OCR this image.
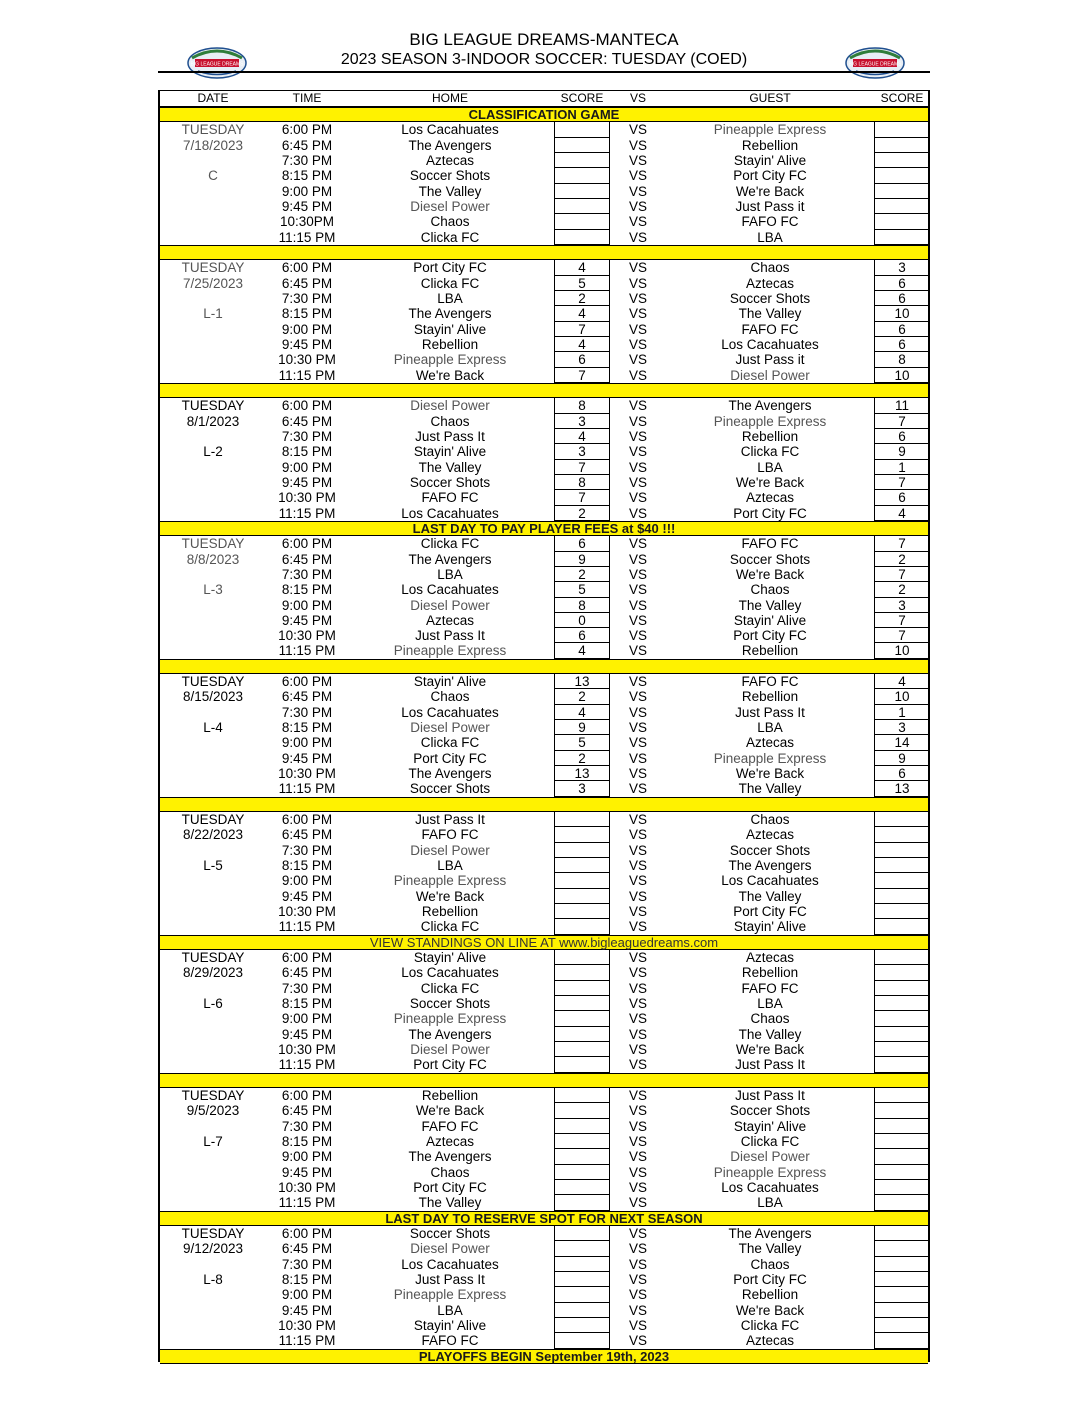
BIG LEAGUE DREAMS-MANTECA
2023 SEASON 3-INDOOR SOCCER: TUESDAY (COED)
BIG LEAGUE DREAMS	BIG LEAGUE DREAMS
DATE	TIME	HOME	SCORE	VS	GUEST	SCORE
CLASSIFICATION GAME
TUESDAY	6:00 PM	Los Cacahuates	VS	Pineapple Express
7/18/2023	6:45 PM	The Avengers	VS	Rebellion
7:30 PM	Aztecas	VS	Stayin' Alive
C	8:15 PM	Soccer Shots	VS	Port City FC
9:00 PM	The Valley	VS	We're Back
9:45 PM	Diesel Power	VS	Just Pass it
10:30PM	Chaos	VS	FAFO FC
11:15 PM	Clicka FC	VS	LBA
TUESDAY	6:00 PM	Port City FC	4	VS	Chaos	3
7/25/2023	6:45 PM	Clicka FC	5	VS	Aztecas	6
7:30 PM	LBA	2	VS	Soccer Shots	6
L-1	8:15 PM	The Avengers	4	VS	The Valley	10
9:00 PM	Stayin' Alive	7	VS	FAFO FC	6
9:45 PM	Rebellion	4	VS	Los Cacahuates	6
10:30 PM	Pineapple Express	6	VS	Just Pass it	8
11:15 PM	We're Back	7	VS	Diesel Power	10
TUESDAY	6:00 PM	Diesel Power	8	VS	The Avengers	11
8/1/2023	6:45 PM	Chaos	3	VS	Pineapple Express	7
7:30 PM	Just Pass It	4	VS	Rebellion	6
L-2	8:15 PM	Stayin' Alive	3	VS	Clicka FC	9
9:00 PM	The Valley	7	VS	LBA	1
9:45 PM	Soccer Shots	8	VS	We're Back	7
10:30 PM	FAFO FC	7	VS	Aztecas	6
11:15 PM	Los Cacahuates	2	VS	Port City FC	4
LAST DAY TO PAY PLAYER FEES at $40 !!!
TUESDAY	6:00 PM	Clicka FC	6	VS	FAFO FC	7
8/8/2023	6:45 PM	The Avengers	9	VS	Soccer Shots	2
7:30 PM	LBA	2	VS	We're Back	7
L-3	8:15 PM	Los Cacahuates	5	VS	Chaos	2
9:00 PM	Diesel Power	8	VS	The Valley	3
9:45 PM	Aztecas	0	VS	Stayin' Alive	7
10:30 PM	Just Pass It	6	VS	Port City FC	7
11:15 PM	Pineapple Express	4	VS	Rebellion	10
TUESDAY	6:00 PM	Stayin' Alive	13	VS	FAFO FC	4
8/15/2023	6:45 PM	Chaos	2	VS	Rebellion	10
7:30 PM	Los Cacahuates	4	VS	Just Pass It	1
L-4	8:15 PM	Diesel Power	9	VS	LBA	3
9:00 PM	Clicka FC	5	VS	Aztecas	14
9:45 PM	Port City FC	2	VS	Pineapple Express	9
10:30 PM	The Avengers	13	VS	We're Back	6
11:15 PM	Soccer Shots	3	VS	The Valley	13
TUESDAY	6:00 PM	Just Pass It	VS	Chaos
8/22/2023	6:45 PM	FAFO FC	VS	Aztecas
7:30 PM	Diesel Power	VS	Soccer Shots
L-5	8:15 PM	LBA	VS	The Avengers
9:00 PM	Pineapple Express	VS	Los Cacahuates
9:45 PM	We're Back	VS	The Valley
10:30 PM	Rebellion	VS	Port City FC
11:15 PM	Clicka FC	VS	Stayin' Alive
VIEW STANDINGS ON LINE AT www.bigleaguedreams.com
TUESDAY	6:00 PM	Stayin' Alive	VS	Aztecas
8/29/2023	6:45 PM	Los Cacahuates	VS	Rebellion
7:30 PM	Clicka FC	VS	FAFO FC
L-6	8:15 PM	Soccer Shots	VS	LBA
9:00 PM	Pineapple Express	VS	Chaos
9:45 PM	The Avengers	VS	The Valley
10:30 PM	Diesel Power	VS	We're Back
11:15 PM	Port City FC	VS	Just Pass It
TUESDAY	6:00 PM	Rebellion	VS	Just Pass It
9/5/2023	6:45 PM	We're Back	VS	Soccer Shots
7:30 PM	FAFO FC	VS	Stayin' Alive
L-7	8:15 PM	Aztecas	VS	Clicka FC
9:00 PM	The Avengers	VS	Diesel Power
9:45 PM	Chaos	VS	Pineapple Express
10:30 PM	Port City FC	VS	Los Cacahuates
11:15 PM	The Valley	VS	LBA
LAST DAY TO RESERVE SPOT FOR NEXT SEASON
TUESDAY	6:00 PM	Soccer Shots	VS	The Avengers
9/12/2023	6:45 PM	Diesel Power	VS	The Valley
7:30 PM	Los Cacahuates	VS	Chaos
L-8	8:15 PM	Just Pass It	VS	Port City FC
9:00 PM	Pineapple Express	VS	Rebellion
9:45 PM	LBA	VS	We're Back
10:30 PM	Stayin' Alive	VS	Clicka FC
11:15 PM	FAFO FC	VS	Aztecas
PLAYOFFS BEGIN September 19th, 2023
